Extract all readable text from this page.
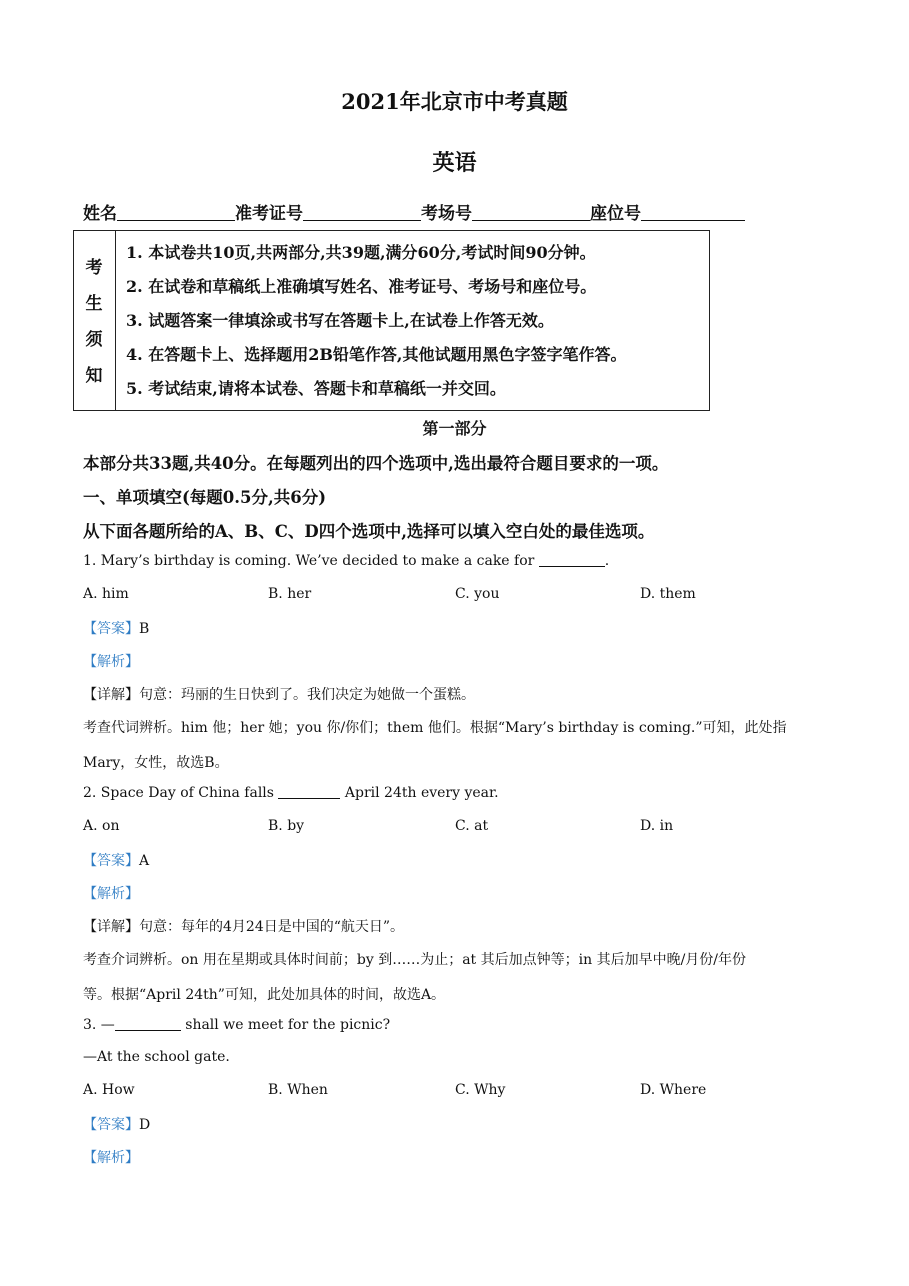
2021年北京市中考真题
英语
姓名	准考证号	考场号	座位号
考
生
须
知
1. 本试卷共10页,共两部分,共39题,满分60分,考试时间90分钟。
2. 在试卷和草稿纸上准确填写姓名、准考证号、考场号和座位号。
3. 试题答案一律填涂或书写在答题卡上,在试卷上作答无效。
4. 在答题卡上、选择题用2B铅笔作答,其他试题用黑色字签字笔作答。
5. 考试结束,请将本试卷、答题卡和草稿纸一并交回。
第一部分
本部分共33题,共40分。在每题列出的四个选项中,选出最符合题目要求的一项。
一、单项填空(每题0.5分,共6分)
从下面各题所给的A、B、C、D四个选项中,选择可以填入空白处的最佳选项。
1. Mary’s birthday is coming. We’ve decided to make a cake for	.
A. him	B. her	C. you	D. them
【答案】B
【解析】
【详解】句意：玛丽的生日快到了。我们决定为她做一个蛋糕。
考查代词辨析。him 他；her 她；you 你/你们；them 他们。根据“Mary’s birthday is coming.”可知，此处指
Mary，女性，故选B。
2. Space Day of China falls	April 24th every year.
A. on	B. by	C. at	D. in
【答案】A
【解析】
【详解】句意：每年的4月24日是中国的“航天日”。
考查介词辨析。on 用在星期或具体时间前；by 到……为止；at 其后加点钟等；in 其后加早中晚/月份/年份
等。根据“April 24th”可知，此处加具体的时间，故选A。
3. —	shall we meet for the picnic?
—At the school gate.
A. How	B. When	C. Why	D. Where
【答案】D
【解析】
